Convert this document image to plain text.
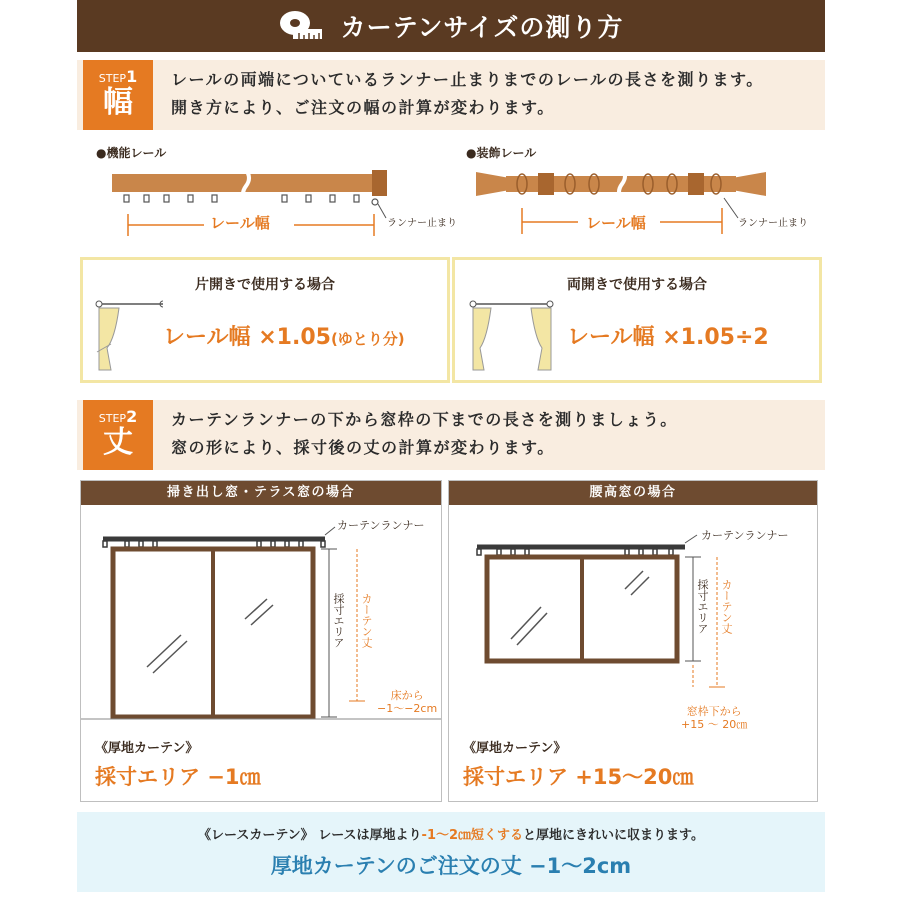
カーテンサイズの測り方
STEP1
幅
レールの両端についているランナー止まりまでのレールの長さを測ります。
開き方により、ご注文の幅の計算が変わります。
●機能レール
レール幅	ランナー止まり
●装飾レール
レール幅	ランナー止まり
片開きで使用する場合
レール幅 ×1.05(ゆとり分)
両開きで使用する場合
レール幅 ×1.05÷2
STEP2
丈
カーテンランナーの下から窓枠の下までの長さを測りましょう。
窓の形により、採寸後の丈の計算が変わります。
掃き出し窓・テラス窓の場合
カーテンランナー
採寸エリア カーテン丈
床から
−1〜−2cm
《厚地カーテン》
採寸エリア −1㎝
腰高窓の場合
カーテンランナー
採寸エリア カーテン丈
窓枠下から
+15 〜 20㎝
《厚地カーテン》
採寸エリア +15〜20㎝
《レースカーテン》 レースは厚地より-1〜2㎝短くすると厚地にきれいに収まります。
厚地カーテンのご注文の丈 −1〜2cm
